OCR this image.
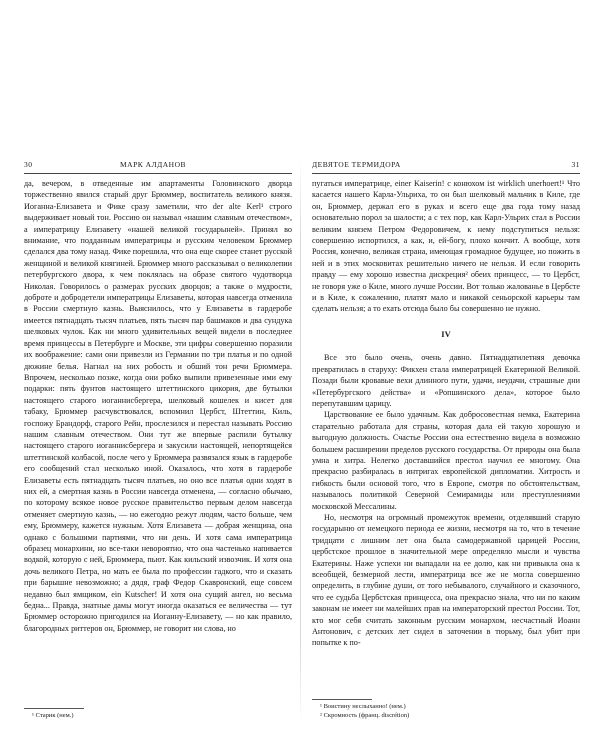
30	МАРК АЛДАНОВ

да, вечером, в отведенные им апартаменты Головинского дворца торжественно явился старый друг Брюммер, воспитатель великого князя. Иоганна-Елизавета и Фике сразу заметили, что der alte Kerl¹ строго выдерживает новый тон. Россию он называл «нашим славным отечеством», а императрицу Елизавету «нашей великой государыней». Принял во внимание, что подданным императрицы и русским человеком Брюммер сделался два тому назад. Фике порешила, что она еще скорее станет русской женщиной и великой княгиней. Брюммер много рассказывал о великолепии петербургского двора, к чем поклялась на образе святого чудотворца Николая. Говорилось о размерах русских дворцов; а также о мудрости, доброте и добродетели императрицы Елизаветы, которая навсегда отменила в России смертную казнь. Выяснилось, что у Елизаветы в гардеробе имеется пятнадцать тысяч платьев, пять тысяч пар башмаков и два сундука шелковых чулок. Как ни много удивительных вещей видели в последнее время принцессы в Петербурге и Москве, эти цифры совершенно поразили их воображение: сами они привезли из Германии по три платья и по одной дюжине белья. Нагнал на них робость и обший тон речи Брюммера. Впрочем, несколько позже, когда они робко выпили привезенные ими ему подарки: пять фунтов настоящего штеттинского цикория, две бутылки настоящего старого иоганнисбергера, шелковый кошелек и кисет для табаку, Брюммер расчувствовался, вспомнил Цербст, Штеттин, Киль, госпожу Брандорф, старого Рейн, прослезился и перестал называть Россию нашим славным отечеством. Они тут же впервые распили бутылку настоящего старого иоганнисбергера и закусили настоящей, непортящейся штеттинской колбасой, после чего у Брюммера развязался язык в гардеробе его сообщений стал несколько иной. Оказалось, что хотя в гардеробе Елизаветы есть пятнадцать тысяч платьев, но оно все платья одни ходят в них ей, а смертная казнь в России навсегда отменена, — согласно обычаю, по которому всякое новое русское правительство первым делом навсегда отменяет смертную казнь, — но ежегодно режут людям, часто больше, чем ему, Брюммеру, кажется нужным. Хотя Елизавета — добрая женщина, она однако с большими партиями, что ни день. И хотя сама императрица образец монархини, но все-таки невороятно, что она частенько напивается водкой, которую с ней, Брюммера, пьют. Как кильский извозчик. И хотя она дочь великого Петра, но мать ее была по профессии гадкого, что и сказать при барышне невозможно; а дядя, граф Федор Скавронский, еще совсем недавно был ямщиком, ein Kutscher! И хотя она сущий ангел, но весьма бедна... Правда, знатные дамы могут иногда оказаться ее величества — тут Брюммер осторожно пригодился на Иоганну-Елизавету, — но как правило, благородных риттеров он, Брюммер, не говорит ни слова, но

¹ Старик (нем.)
ДЕВЯТОЕ ТЕРМИДОРА	31

пугаться императрице, einer Kaiserin! с конюхом ist wirklich unerhoert!¹ Что касается нашего Карла-Ульриха, то он был шелковый мальчик в Киле, где он, Брюммер, держал его в руках и всего еще два года тому назад основательно порол за шалости; а с тех пор, как Карл-Ульрих стал в России великим князем Петром Федоровичем, к нему подступиться нельзя: совершенно испортился, а как, и, ей-богу, плохо кончит. А вообще, хотя Россия, конечно, великая страна, имеющая громадное будущее, но пожить в ней и в этих московитах решительно ничего не нельзя. И если говорить правду — ему хорошо известна дискреция² обеих принцесс, — то Цербст, не говоря уже о Киле, много лучше России. Вот только жалованье в Цербсте и в Киле, к сожалению, платят мало и никакой сеньорской карьеры там сделать нельзя; а то ехать отсюда было бы совершенно не нужно.

IV

Все это было очень, очень давно. Пятнадцатилетняя девочка превратилась в старуху: Фикхен стала императрицей Екатериной Великой. Позади были кровавые вехи длинного пути, удачи, неудачи, страшные дни «Петербургского действа» и «Ропшинского дела», которое было перепутавшим царицу.

Царствование ее было удачным. Как добросовестная немка, Екатерина старательно работала для страны, которая дала ей такую хорошую и выгодную должность. Счастье России она естественно видела в возможно большем расширении пределов русского государства. От природы она была умна и хитра. Нелегко доставшийся престол научил ее многому. Она прекрасно разбиралась в интригах европейской дипломатии. Хитрость и гибкость были основой того, что в Европе, смотря по обстоятельствам, называлось политикой Северной Семирамиды или преступлениями московской Мессалины.

Но, несмотря на огромный промежуток времени, отделявший старую государыню от немецкого периода ее жизни, несмотря на то, что в течение тридцати с лишним лет она была самодержавной царицей России, цербстское прошлое в значительной мере определяло мысли и чувства Екатерины. Наже успехи ни выпадали на ее долю, как ни привыкла она к всеобщей, безмерной лести, императрица все же не могла совершенно определить, в глубине души, от того небывалого, случайного и сказочного, что ее судьба Цербстская принцесса, она прекрасно знала, что ни по каким законам не имеет ни малейших прав на императорский престол России. Тот, кто мог себя считать законным русским монархом, несчастный Иоанн Антонович, с детских лет сидел в заточении в тюрьму, был убит при попытке к по-

¹ Воистину неслыханно! (нем.)
² Скромность (франц. discrétion)
